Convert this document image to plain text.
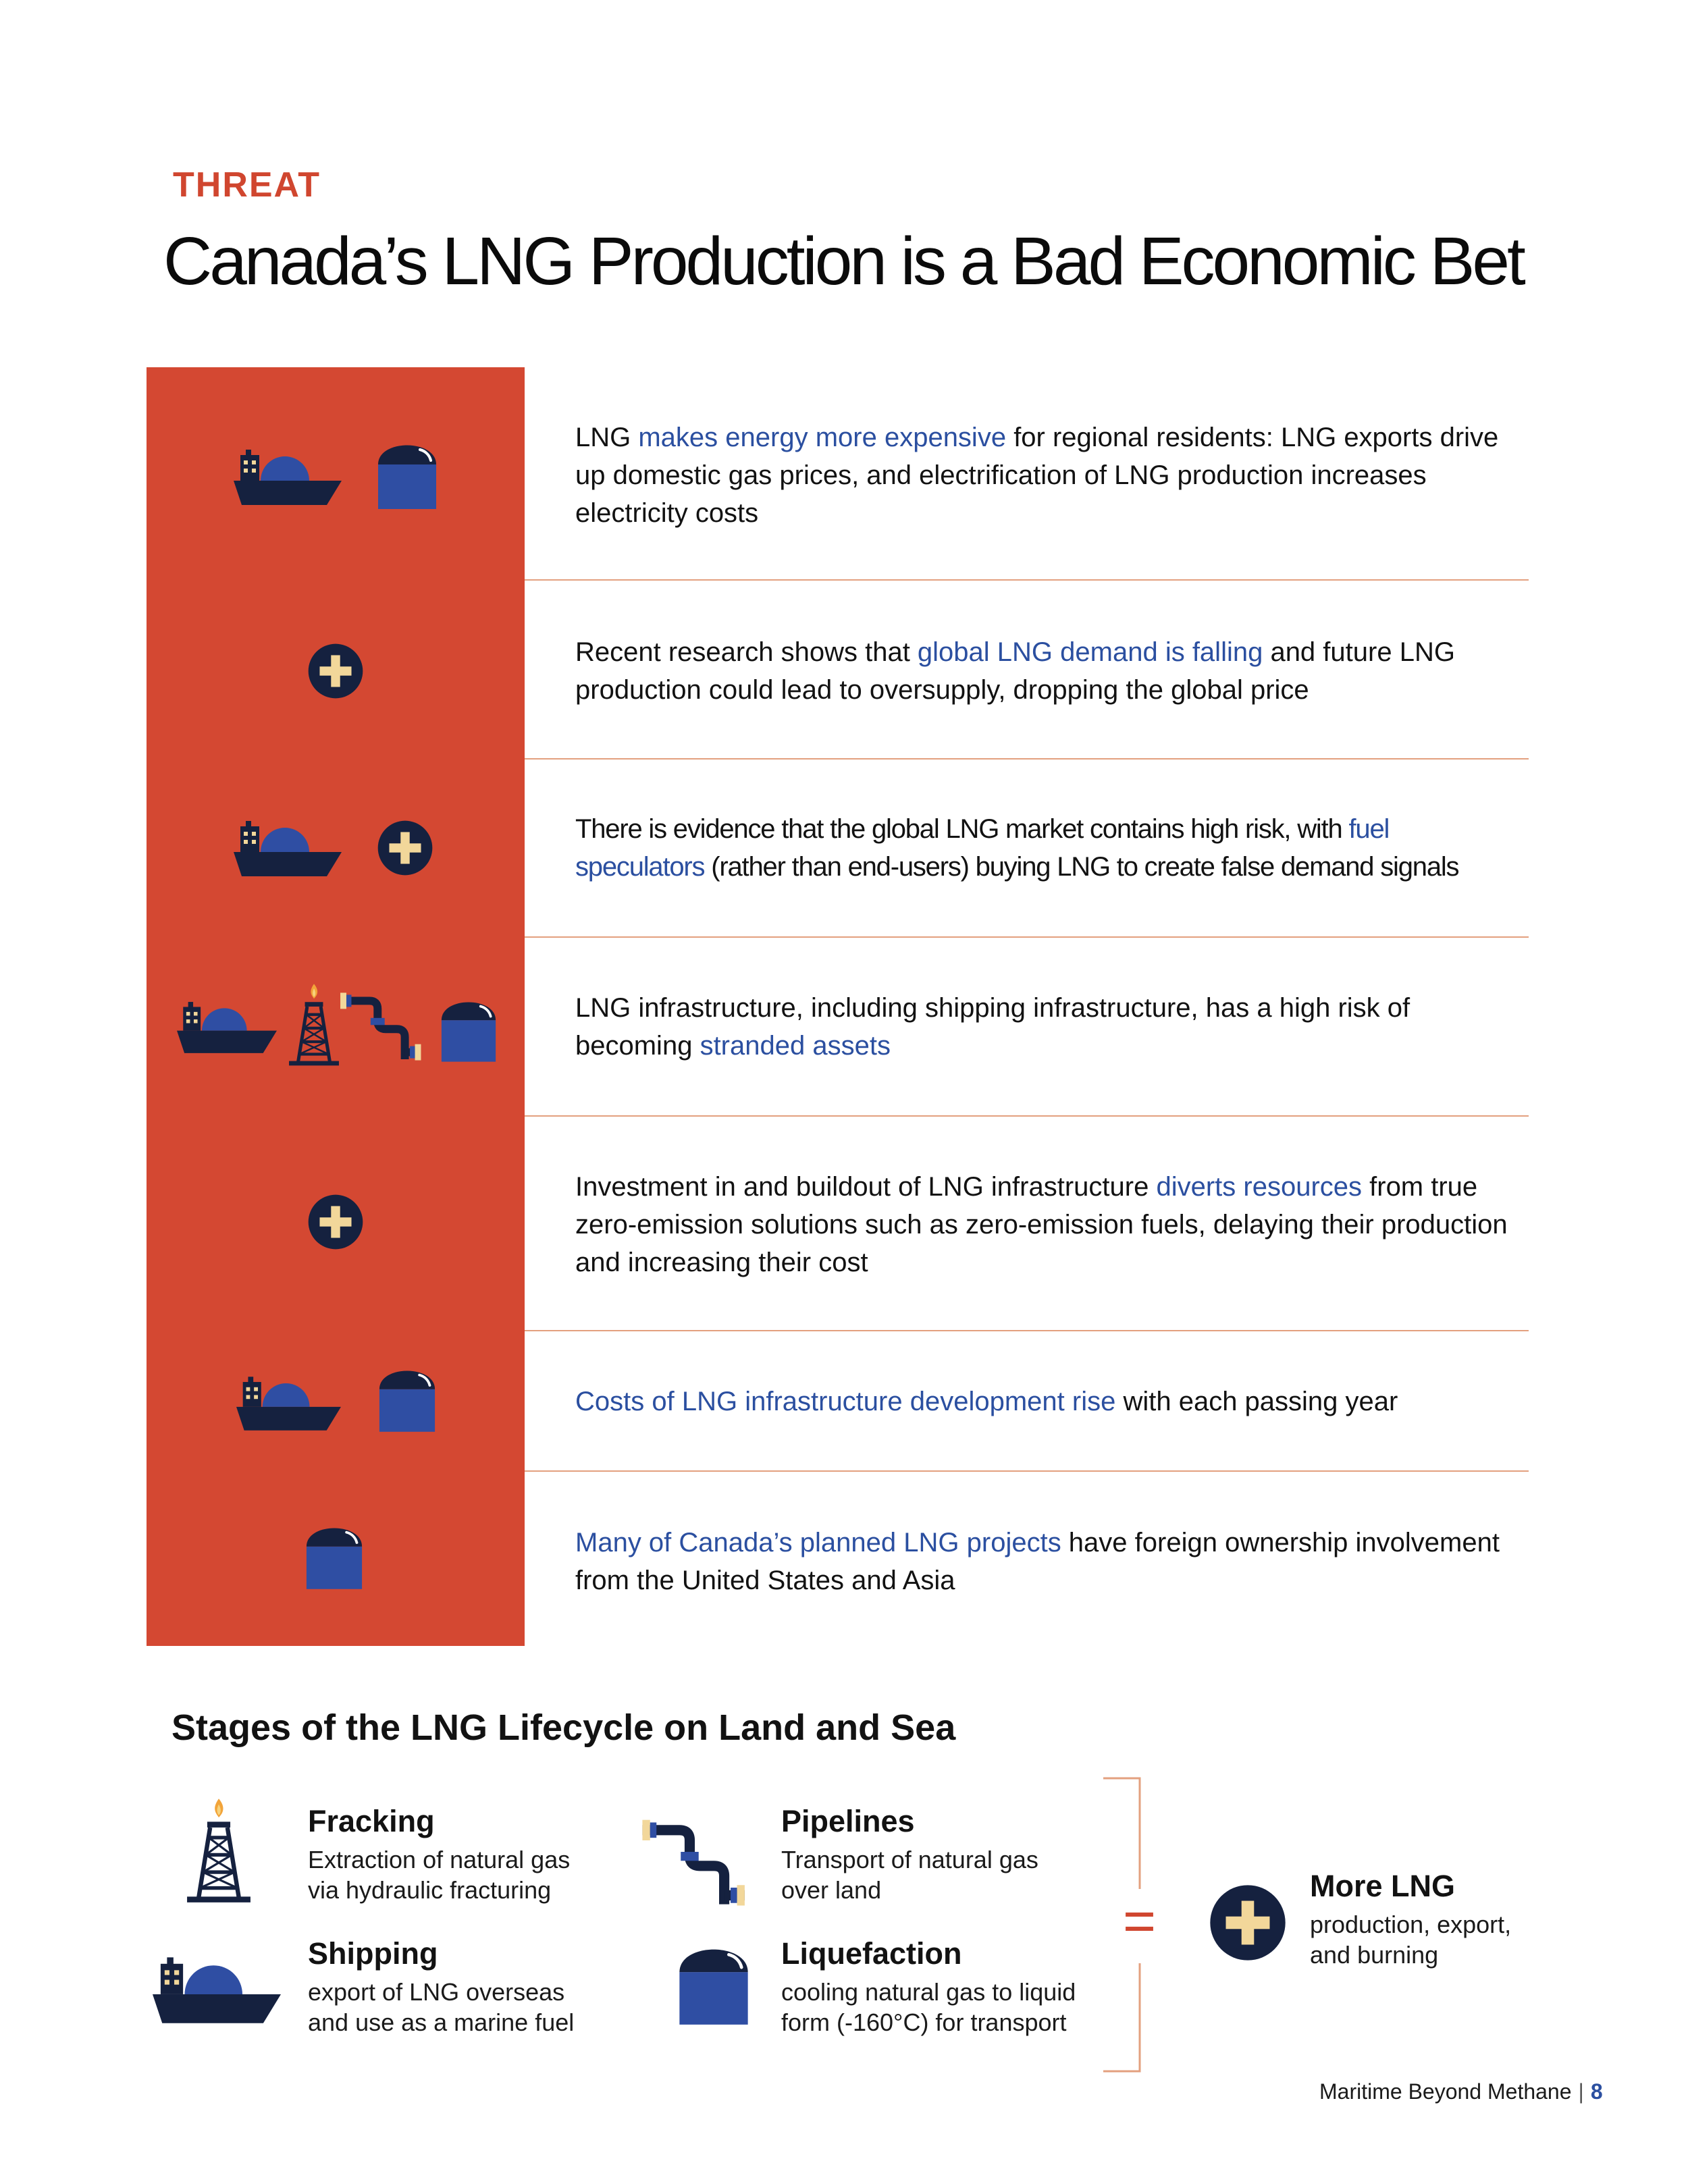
THREAT
Canada’s LNG Production is a Bad Economic Bet
LNG makes energy more expensive for regional residents: LNG exports drive up domestic gas prices, and electrification of LNG production increases electricity costs
Recent research shows that global LNG demand is falling and future LNG production could lead to oversupply, dropping the global price
There is evidence that the global LNG market contains high risk, with fuel speculators (rather than end-users) buying LNG to create false demand signals
LNG infrastructure, including shipping infrastructure, has a high risk of becoming stranded assets
Investment in and buildout of LNG infrastructure diverts resources from true zero-emission solutions such as zero-emission fuels, delaying their production and increasing their cost
Costs of LNG infrastructure development rise with each passing year
Many of Canada’s planned LNG projects have foreign ownership involvement from the United States and Asia
Stages of the LNG Lifecycle on Land and Sea
Fracking
Extraction of natural gas
via hydraulic fracturing
Pipelines
Transport of natural gas
over land
Shipping
export of LNG overseas
and use as a marine fuel
Liquefaction
cooling natural gas to liquid
form (-160°C) for transport
=
More LNG
production, export,
and burning
Maritime Beyond Methane | 8
